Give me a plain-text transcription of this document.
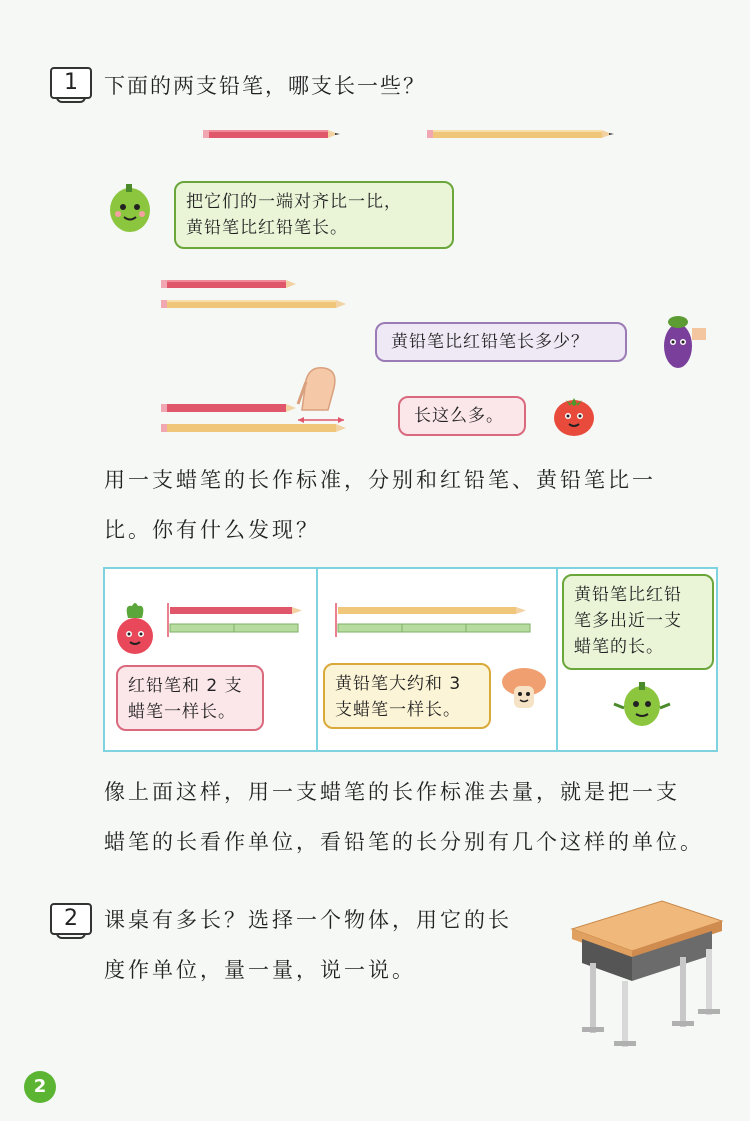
1	下面的两支铅笔，哪支长一些？
把它们的一端对齐比一比，
黄铅笔比红铅笔长。
黄铅笔比红铅笔长多少？
长这么多。
用一支蜡笔的长作标准，分别和红铅笔、黄铅笔比一
比。你有什么发现？
红铅笔和 2 支
蜡笔一样长。
黄铅笔大约和 3
支蜡笔一样长。
黄铅笔比红铅
笔多出近一支
蜡笔的长。
像上面这样，用一支蜡笔的长作标准去量，就是把一支
蜡笔的长看作单位，看铅笔的长分别有几个这样的单位。
2	课桌有多长？选择一个物体，用它的长
度作单位，量一量，说一说。
2
